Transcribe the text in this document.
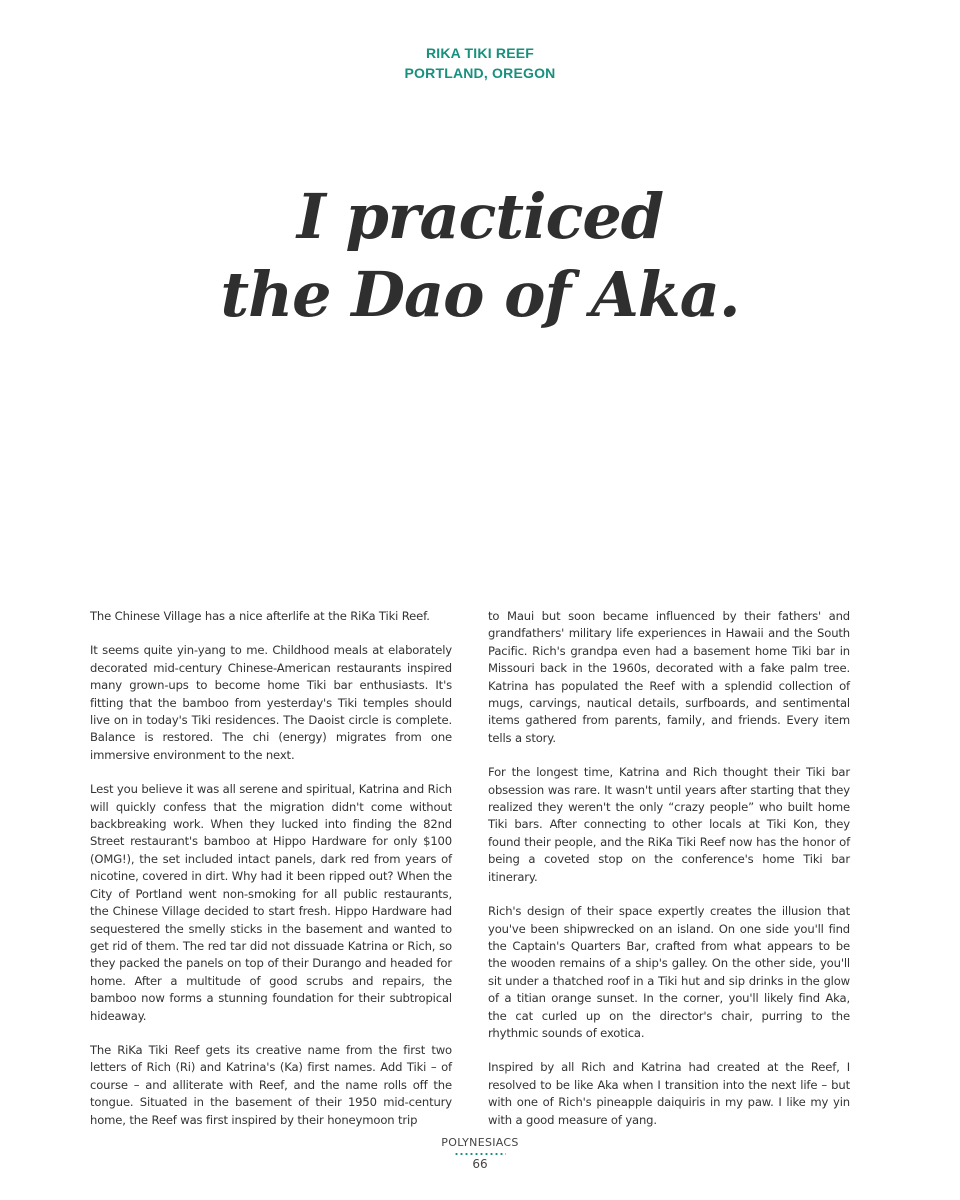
RIKA TIKI REEF
PORTLAND, OREGON
I practiced
the Dao of Aka.

The Chinese Village has a nice afterlife at the RiKa Tiki Reef.

It seems quite yin-yang to me. Childhood meals at elaborately decorated mid-century Chinese-American restaurants inspired many grown-ups to become home Tiki bar enthusiasts. It's fitting that the bamboo from yesterday's Tiki temples should live on in today's Tiki residences. The Daoist circle is complete. Balance is restored. The chi (energy) migrates from one immersive environment to the next.

Lest you believe it was all serene and spiritual, Katrina and Rich will quickly confess that the migration didn't come without backbreaking work. When they lucked into finding the 82nd Street restaurant's bamboo at Hippo Hardware for only $100 (OMG!), the set included intact panels, dark red from years of nicotine, covered in dirt. Why had it been ripped out? When the City of Portland went non-smoking for all public restaurants, the Chinese Village decided to start fresh. Hippo Hardware had sequestered the smelly sticks in the basement and wanted to get rid of them. The red tar did not dissuade Katrina or Rich, so they packed the panels on top of their Durango and headed for home. After a multitude of good scrubs and repairs, the bamboo now forms a stunning foundation for their subtropical hideaway.

The RiKa Tiki Reef gets its creative name from the first two letters of Rich (Ri) and Katrina's (Ka) first names. Add Tiki – of course – and alliterate with Reef, and the name rolls off the tongue. Situated in the basement of their 1950 mid-century home, the Reef was first inspired by their honeymoon trip

to Maui but soon became influenced by their fathers' and grandfathers' military life experiences in Hawaii and the South Pacific. Rich's grandpa even had a basement home Tiki bar in Missouri back in the 1960s, decorated with a fake palm tree. Katrina has populated the Reef with a splendid collection of mugs, carvings, nautical details, surfboards, and sentimental items gathered from parents, family, and friends. Every item tells a story.

For the longest time, Katrina and Rich thought their Tiki bar obsession was rare. It wasn't until years after starting that they realized they weren't the only “crazy people” who built home Tiki bars. After connecting to other locals at Tiki Kon, they found their people, and the RiKa Tiki Reef now has the honor of being a coveted stop on the conference's home Tiki bar itinerary.

Rich's design of their space expertly creates the illusion that you've been shipwrecked on an island. On one side you'll find the Captain's Quarters Bar, crafted from what appears to be the wooden remains of a ship's galley. On the other side, you'll sit under a thatched roof in a Tiki hut and sip drinks in the glow of a titian orange sunset. In the corner, you'll likely find Aka, the cat curled up on the director's chair, purring to the rhythmic sounds of exotica.

Inspired by all Rich and Katrina had created at the Reef, I resolved to be like Aka when I transition into the next life – but with one of Rich's pineapple daiquiris in my paw. I like my yin with a good measure of yang.

POLYNESIACS
66
